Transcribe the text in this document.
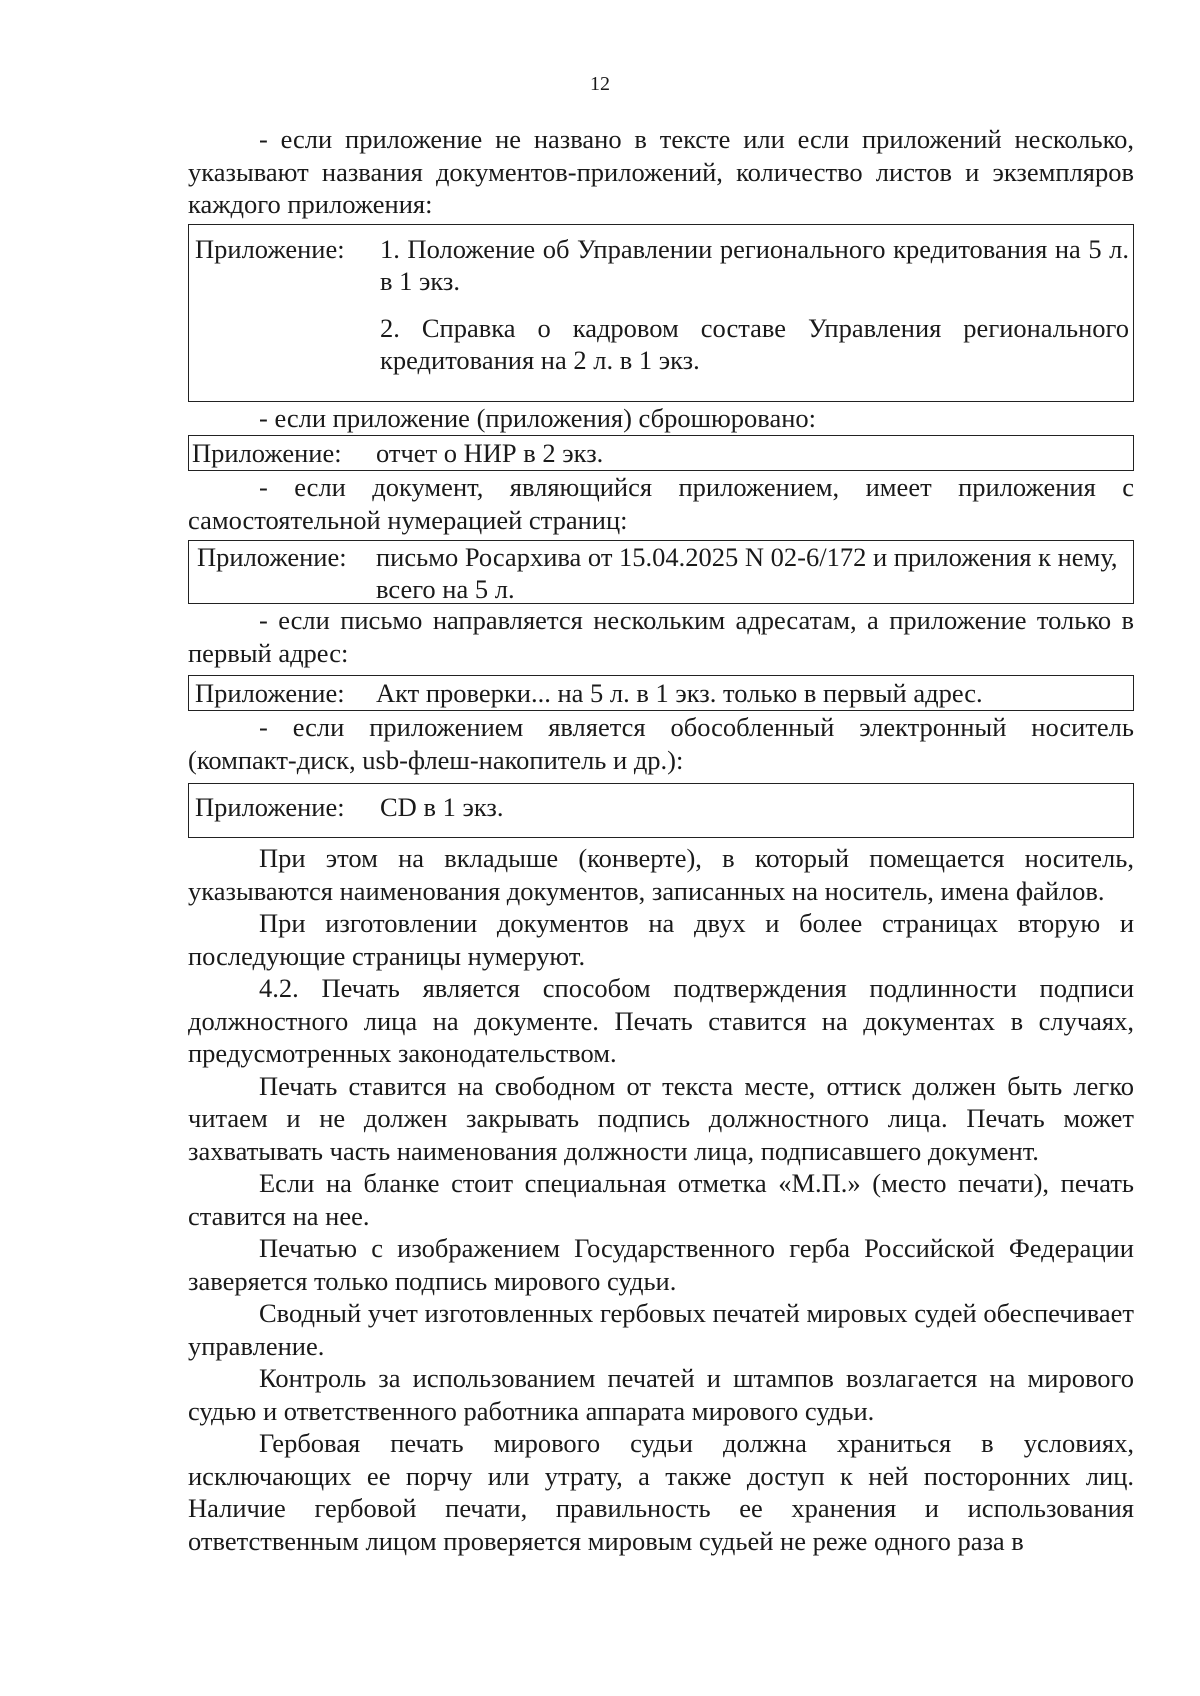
12

- если приложение не названо в тексте или если приложений несколько, указывают названия документов-приложений, количество листов и экземпляров каждого приложения:

Приложение:	1. Положение об Управлении регионального кредитования на 5 л. в 1 экз.
2. Справка о кадровом составе Управления регионального кредитования на 2 л. в 1 экз.

- если приложение (приложения) сброшюровано:

Приложение:	отчет о НИР в 2 экз.

- если документ, являющийся приложением, имеет приложения с самостоятельной нумерацией страниц:

Приложение:	письмо Росархива от 15.04.2025 N 02-6/172 и приложения к нему, всего на 5 л.

- если письмо направляется нескольким адресатам, а приложение только в первый адрес:

Приложение:	Акт проверки... на 5 л. в 1 экз. только в первый адрес.

- если приложением является обособленный электронный носитель (компакт-диск, usb-флеш-накопитель и др.):

Приложение:	CD в 1 экз.

При этом на вкладыше (конверте), в который помещается носитель, указываются наименования документов, записанных на носитель, имена файлов.

При изготовлении документов на двух и более страницах вторую и последующие страницы нумеруют.

4.2. Печать является способом подтверждения подлинности подписи должностного лица на документе. Печать ставится на документах в случаях, предусмотренных законодательством.

Печать ставится на свободном от текста месте, оттиск должен быть легко читаем и не должен закрывать подпись должностного лица. Печать может захватывать часть наименования должности лица, подписавшего документ.

Если на бланке стоит специальная отметка «М.П.» (место печати), печать ставится на нее.

Печатью с изображением Государственного герба Российской Федерации заверяется только подпись мирового судьи.

Сводный учет изготовленных гербовых печатей мировых судей обеспечивает управление.

Контроль за использованием печатей и штампов возлагается на мирового судью и ответственного работника аппарата мирового судьи.

Гербовая печать мирового судьи должна храниться в условиях, исключающих ее порчу или утрату, а также доступ к ней посторонних лиц. Наличие гербовой печати, правильность ее хранения и использования ответственным лицом проверяется мировым судьей не реже одного раза в
